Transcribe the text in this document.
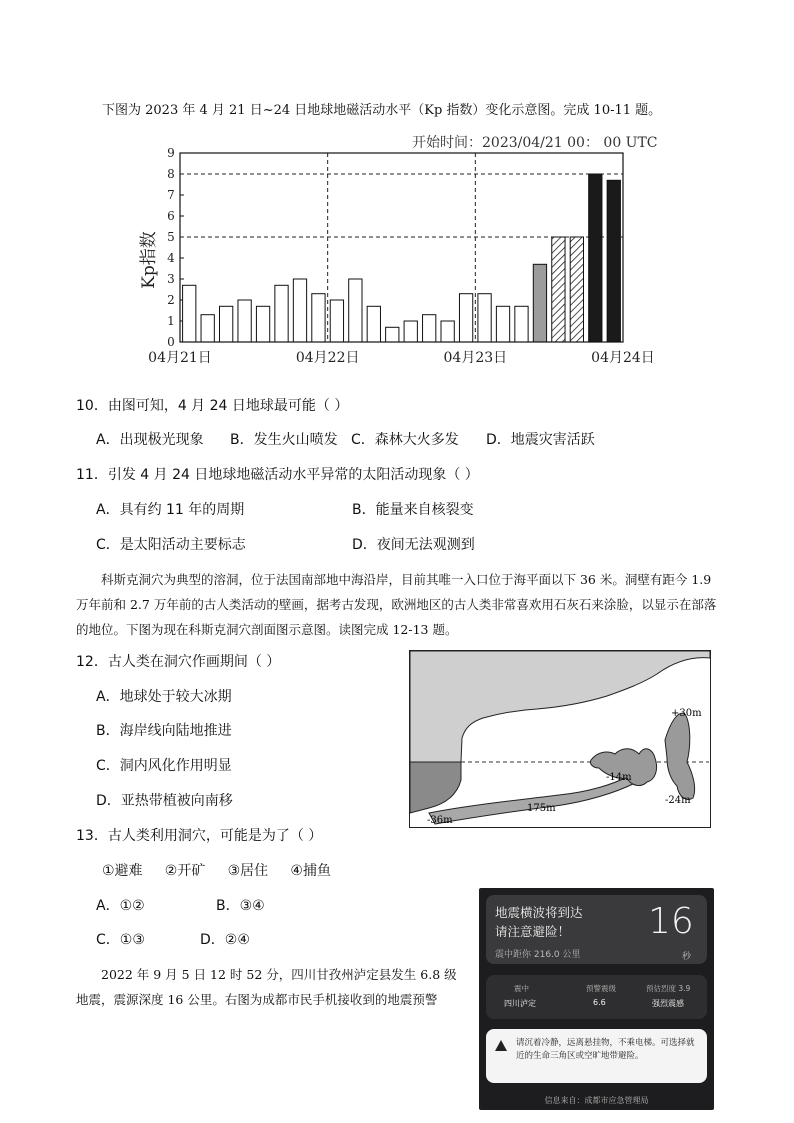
下图为 2023 年 4 月 21 日~24 日地球地磁活动水平（Kp 指数）变化示意图。完成 10-11 题。
开始时间：2023/04/21 00： 00 UTC
Kp指数
0
1
2
3
4
5
6
7
8
9
04月21日	04月22日	04月23日	04月24日
10．由图可知，4 月 24 日地球最可能（ ）
A．出现极光现象 B．发生火山喷发 C．森林大火多发 D．地震灾害活跃
11．引发 4 月 24 日地球地磁活动水平异常的太阳活动现象（ ）
A．具有约 11 年的周期	B．能量来自核裂变
C．是太阳活动主要标志	D．夜间无法观测到
科斯克洞穴为典型的溶洞，位于法国南部地中海沿岸，目前其唯一入口位于海平面以下 36 米。洞壁有距今 1.9 万年前和 2.7 万年前的古人类活动的壁画，据考古发现，欧洲地区的古人类非常喜欢用石灰石来涂脸，以显示在部落的地位。下图为现在科斯克洞穴剖面图示意图。读图完成 12-13 题。
12．古人类在洞穴作画期间（ ）
A．地球处于较大冰期
B．海岸线向陆地推进
C．洞内风化作用明显
D．亚热带植被向南移
+30m
-14m
-24m
-36m
175m
13．古人类利用洞穴，可能是为了（ ）
①避难     ②开矿     ③居住     ④捕鱼
A．①②	B．③④
C．①③	D．②④
2022 年 9 月 5 日 12 时 52 分，四川甘孜州泸定县发生 6.8 级地震，震源深度 16 公里。右图为成都市民手机接收到的地震预警
地震横波将到达
请注意避险！
震中距你 216.0 公里
16
秒
震中
四川泸定
预警震级
6.6
预估烈度 3.9
强烈震感
请沉着冷静，远离悬挂物，不乘电梯。可选择就近的生命三角区或空旷地带避险。
信息来自：成都市应急管理局
